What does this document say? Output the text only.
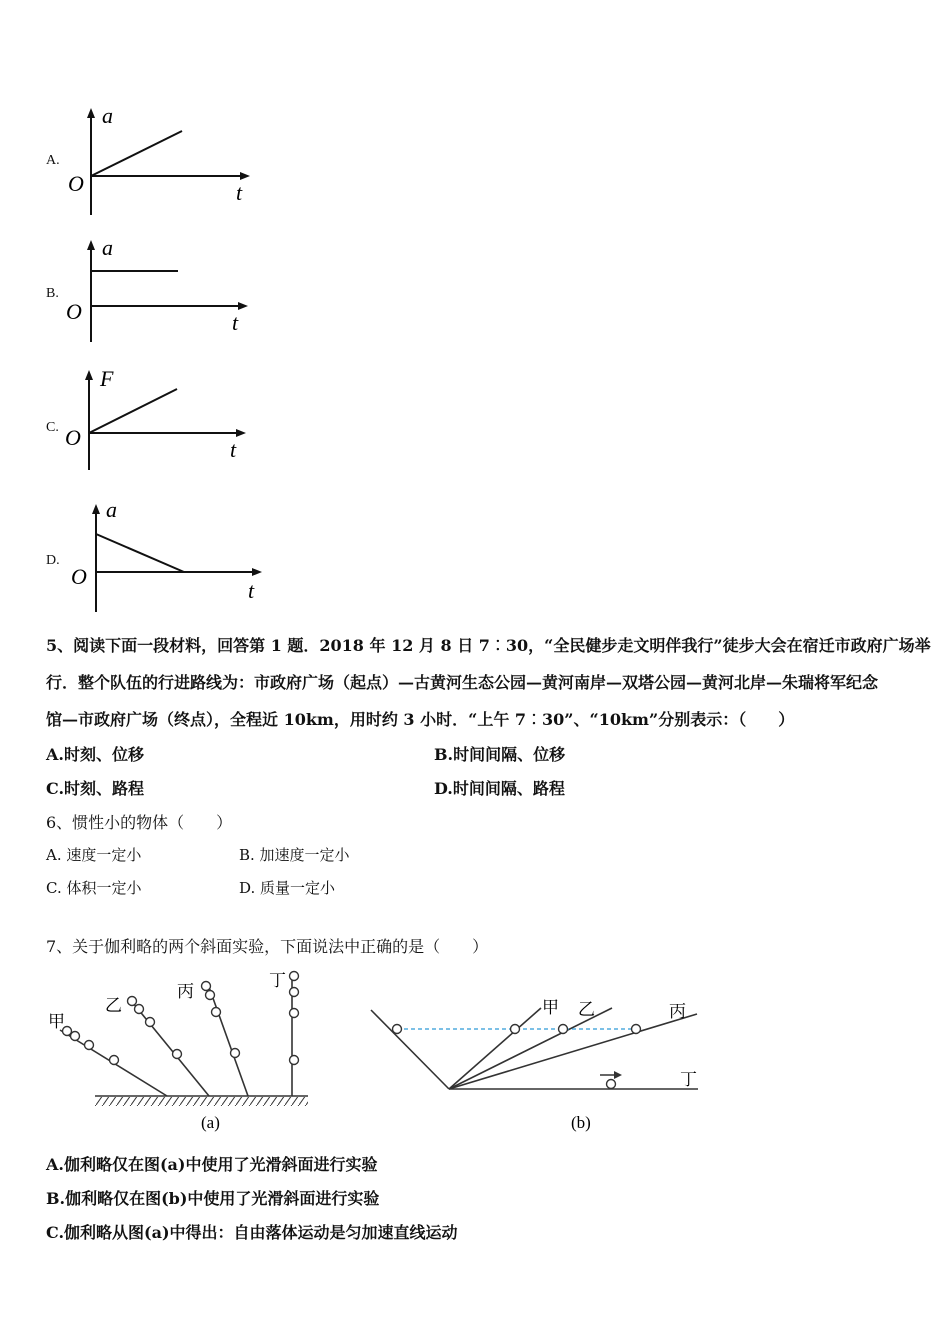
A.
a
O	t
B.
a
O	t
C.
F
O	t
D.
a
O
t
5、阅读下面一段材料，回答第 1 题．2018 年 12 月 8 日 7︰30，“全民健步走文明伴我行”徒步大会在宿迁市政府广场举
行．整个队伍的行进路线为：市政府广场（起点）—古黄河生态公园—黄河南岸—双塔公园—黄河北岸—朱瑞将军纪念
馆—市政府广场（终点），全程近 10km，用时约 3 小时．“上午 7︰30”、“10km”分别表示：（　　）
A.时刻、位移	B.时间间隔、位移
C.时刻、路程	D.时间间隔、路程
6、惯性小的物体（　　）
A. 速度一定小	B. 加速度一定小
C. 体积一定小	D. 质量一定小
7、关于伽利略的两个斜面实验，下面说法中正确的是（　　）
甲
乙
丙
丁
(a)
甲 乙	丙
丁
(b)
A.伽利略仅在图(a)中使用了光滑斜面进行实验
B.伽利略仅在图(b)中使用了光滑斜面进行实验
C.伽利略从图(a)中得出：自由落体运动是匀加速直线运动
